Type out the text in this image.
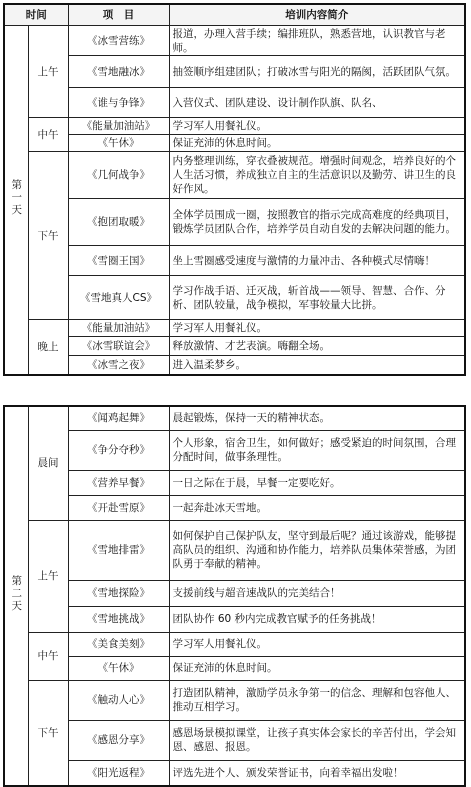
时间		项　目	培训内容简介
第一天	上午	《冰雪营练》	报道，办理入营手续；编排班队，熟悉营地，认识教官与老师。
		《雪地融冰》	抽签顺序组建团队；打破冰雪与阳光的隔阂，活跃团队气氛。
		《谁与争锋》	入营仪式、团队建设、设计制作队旗、队名、
	中午	《能量加油站》	学习军人用餐礼仪。
		《午休》	保证充沛的休息时间。
	下午	《几何战争》	内务整理训练，穿衣叠被规范。增强时间观念，培养良好的个人生活习惯，养成独立自主的生活意识以及勤劳、讲卫生的良好作风。
		《抱团取暖》	全体学员围成一圈，按照教官的指示完成高难度的经典项目，锻炼学员团队合作，培养学员自动自发的去解决问题的能力。
		《雪圈王国》	坐上雪圈感受速度与激情的力量冲击、各种模式尽情嗨！
		《雪地真人CS》	学习作战手语、迁灭战，斩首战——领导、智慧、合作、分析、团队较量，战争模拟，军事较量大比拼。
	晚上	《能量加油站》	学习军人用餐礼仪。
		《冰雪联谊会》	释放激情、才艺表演。嗨翻全场。
		《冰雪之夜》	进入温柔梦乡。
第二天	晨间	《闻鸡起舞》	晨起锻炼，保持一天的精神状态。
		《争分夺秒》	个人形象，宿舍卫生，如何做好；感受紧迫的时间氛围，合理分配时间，做事条理性。
		《营养早餐》	一日之际在于晨，早餐一定要吃好。
		《开赴雪原》	一起奔赴冰天雪地。
	上午	《雪地排雷》	如何保护自己保护队友，坚守到最后呢？通过该游戏，能够提高队员的组织、沟通和协作能力，培养队员集体荣誉感，为团队勇于奉献的精神。
		《雪地探险》	支援前线与超音速战队的完美结合！
		《雪地挑战》	团队协作 60 秒内完成教官赋予的任务挑战！
	中午	《美食美刻》	学习军人用餐礼仪。
		《午休》	保证充沛的休息时间。
	下午	《触动人心》	打造团队精神，激励学员永争第一的信念、理解和包容他人、推动互相学习。
		《感恩分享》	感恩场景模拟课堂，让孩子真实体会家长的辛苦付出，学会知恩、感恩、报恩。
		《阳光返程》	评选先进个人、颁发荣誉证书，向着幸福出发啦！
